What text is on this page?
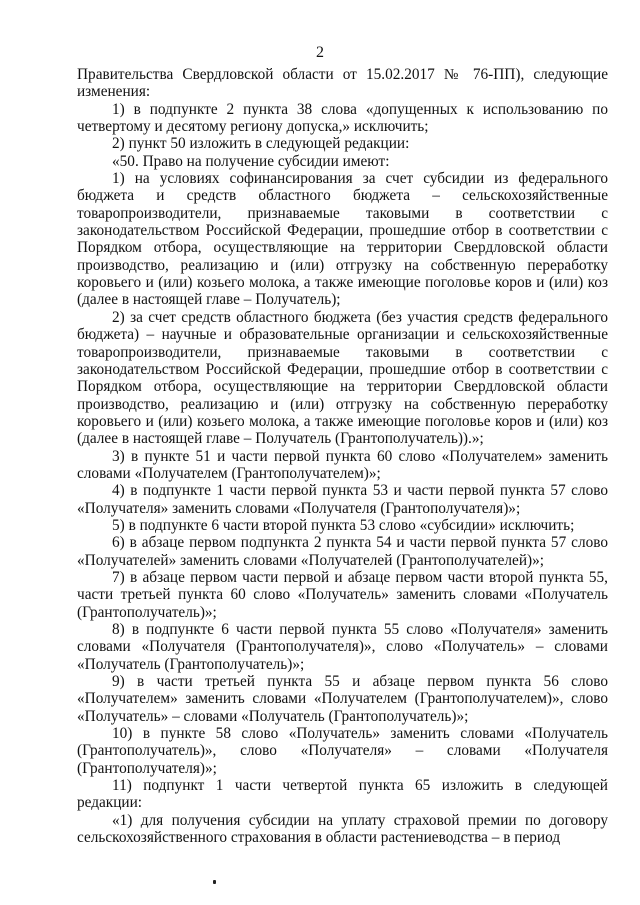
2

Правительства Свердловской области от 15.02.2017 № 76-ПП), следующие изменения:

1) в подпункте 2 пункта 38 слова «допущенных к использованию по четвертому и десятому региону допуска,» исключить;

2) пункт 50 изложить в следующей редакции:

«50. Право на получение субсидии имеют:

1) на условиях софинансирования за счет субсидии из федерального бюджета и средств областного бюджета – сельскохозяйственные товаропроизводители, признаваемые таковыми в соответствии с законодательством Российской Федерации, прошедшие отбор в соответствии с Порядком отбора, осуществляющие на территории Свердловской области производство, реализацию и (или) отгрузку на собственную переработку коровьего и (или) козьего молока, а также имеющие поголовье коров и (или) коз (далее в настоящей главе – Получатель);

2) за счет средств областного бюджета (без участия средств федерального бюджета) – научные и образовательные организации и сельскохозяйственные товаропроизводители, признаваемые таковыми в соответствии с законодательством Российской Федерации, прошедшие отбор в соответствии с Порядком отбора, осуществляющие на территории Свердловской области производство, реализацию и (или) отгрузку на собственную переработку коровьего и (или) козьего молока, а также имеющие поголовье коров и (или) коз (далее в настоящей главе – Получатель (Грантополучатель)).»;

3) в пункте 51 и части первой пункта 60 слово «Получателем» заменить словами «Получателем (Грантополучателем)»;

4) в подпункте 1 части первой пункта 53 и части первой пункта 57 слово «Получателя» заменить словами «Получателя (Грантополучателя)»;

5) в подпункте 6 части второй пункта 53 слово «субсидии» исключить;

6) в абзаце первом подпункта 2 пункта 54 и части первой пункта 57 слово «Получателей» заменить словами «Получателей (Грантополучателей)»;

7) в абзаце первом части первой и абзаце первом части второй пункта 55, части третьей пункта 60 слово «Получатель» заменить словами «Получатель (Грантополучатель)»;

8) в подпункте 6 части первой пункта 55 слово «Получателя» заменить словами «Получателя (Грантополучателя)», слово «Получатель» – словами «Получатель (Грантополучатель)»;

9) в части третьей пункта 55 и абзаце первом пункта 56 слово «Получателем» заменить словами «Получателем (Грантополучателем)», слово «Получатель» – словами «Получатель (Грантополучатель)»;

10) в пункте 58 слово «Получатель» заменить словами «Получатель (Грантополучатель)», слово «Получателя» – словами «Получателя (Грантополучателя)»;

11) подпункт 1 части четвертой пункта 65 изложить в следующей редакции:

«1) для получения субсидии на уплату страховой премии по договору сельскохозяйственного страхования в области растениеводства – в период
